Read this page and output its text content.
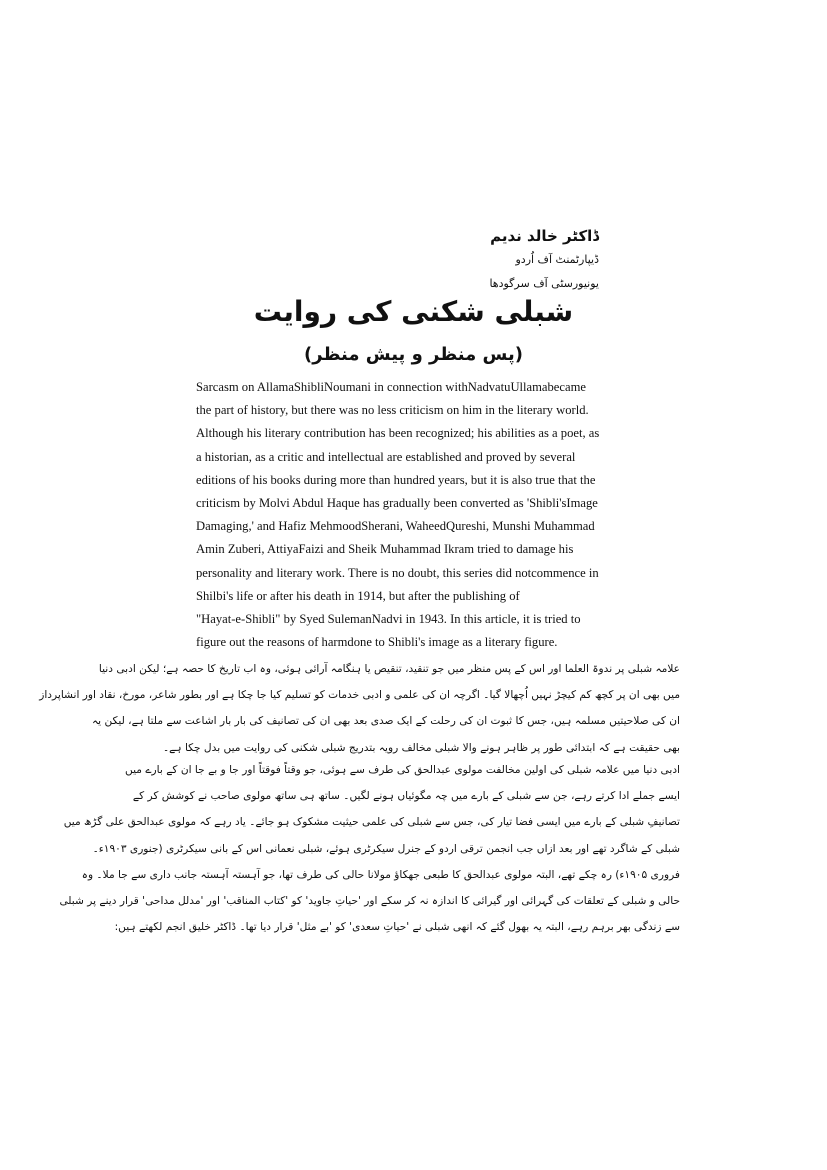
ڈاکٹر خالد ندیم
ڈیپارٹمنٹ آف اُردو
یونیورسٹی آف سرگودھا
شبلی شکنی کی روایت
(پس منظر و پیش منظر)

Sarcasm on AllamaShibliNoumani in connection withNadvatuUllamabecame

the part of history, but there was no less criticism on him in the literary world.

Although his literary contribution has been recognized; his abilities as a poet, as

a historian, as a critic and intellectual are established and proved by several

editions of his books during more than hundred years, but it is also true that the

criticism by Molvi Abdul Haque has gradually been converted as 'Shibli'sImage

Damaging,' and Hafiz MehmoodSherani, WaheedQureshi, Munshi Muhammad

Amin Zuberi, AttiyaFaizi and Sheik Muhammad Ikram tried to damage his

personality and literary work. There is no doubt, this series did notcommence in

Shilbi's life or after his death in 1914, but after the publishing of

"Hayat-e-Shibli" by Syed SulemanNadvi in 1943. In this article, it is tried to

figure out the reasons of harmdone to Shibli's image as a literary figure.

علامہ شبلی پر ندوۃ العلما اور اس کے پس منظر میں جو تنقید، تنقیص یا ہنگامہ آرائی ہوئی، وہ اب تاریخ کا حصہ ہے؛ لیکن ادبی دنیا

میں بھی ان پر کچھ کم کیچڑ نہیں اُچھالا گیا۔ اگرچہ ان کی علمی و ادبی خدمات کو تسلیم کیا جا چکا ہے اور بطور شاعر، مورخ، نقاد اور انشاپرداز

ان کی صلاحیتیں مسلمہ ہیں، جس کا ثبوت ان کی رحلت کے ایک صدی بعد بھی ان کی تصانیف کی بار بار اشاعت سے ملتا ہے، لیکن یہ

بھی حقیقت ہے کہ ابتدائی طور پر ظاہر ہونے والا شبلی مخالف رویہ بتدریج شبلی شکنی کی روایت میں بدل چکا ہے۔

ادبی دنیا میں علامہ شبلی کی اولین مخالفت مولوی عبدالحق کی طرف سے ہوئی، جو وقتاً فوقتاً اور جا و بے جا ان کے بارے میں

ایسے جملے ادا کرتے رہے، جن سے شبلی کے بارے میں چہ مگوئیاں ہونے لگیں۔ ساتھ ہی ساتھ مولوی صاحب نے کوشش کر کے

تصانیفِ شبلی کے بارے میں ایسی فضا تیار کی، جس سے شبلی کی علمی حیثیت مشکوک ہو جائے۔ یاد رہے کہ مولوی عبدالحق علی گڑھ میں

شبلی کے شاگرد تھے اور بعد ازاں جب انجمن ترقی اردو کے جنرل سیکرٹری ہوئے، شبلی نعمانی اس کے بانی سیکرٹری (جنوری ۱۹۰۳ء۔

فروری ۱۹۰۵ء) رہ چکے تھے، البتہ مولوی عبدالحق کا طبعی جھکاؤ مولانا حالی کی طرف تھا، جو آہستہ آہستہ جانب داری سے جا ملا۔ وہ

حالی و شبلی کے تعلقات کی گہرائی اور گیرائی کا اندازہ نہ کر سکے اور 'حیاتِ جاوید' کو 'کتاب المناقب' اور 'مدلل مداحی' قرار دینے پر شبلی

سے زندگی بھر برہم رہے، البتہ یہ بھول گئے کہ انھی شبلی نے 'حیاتِ سعدی' کو 'بے مثل' قرار دیا تھا۔ ڈاکٹر خلیق انجم لکھتے ہیں:
